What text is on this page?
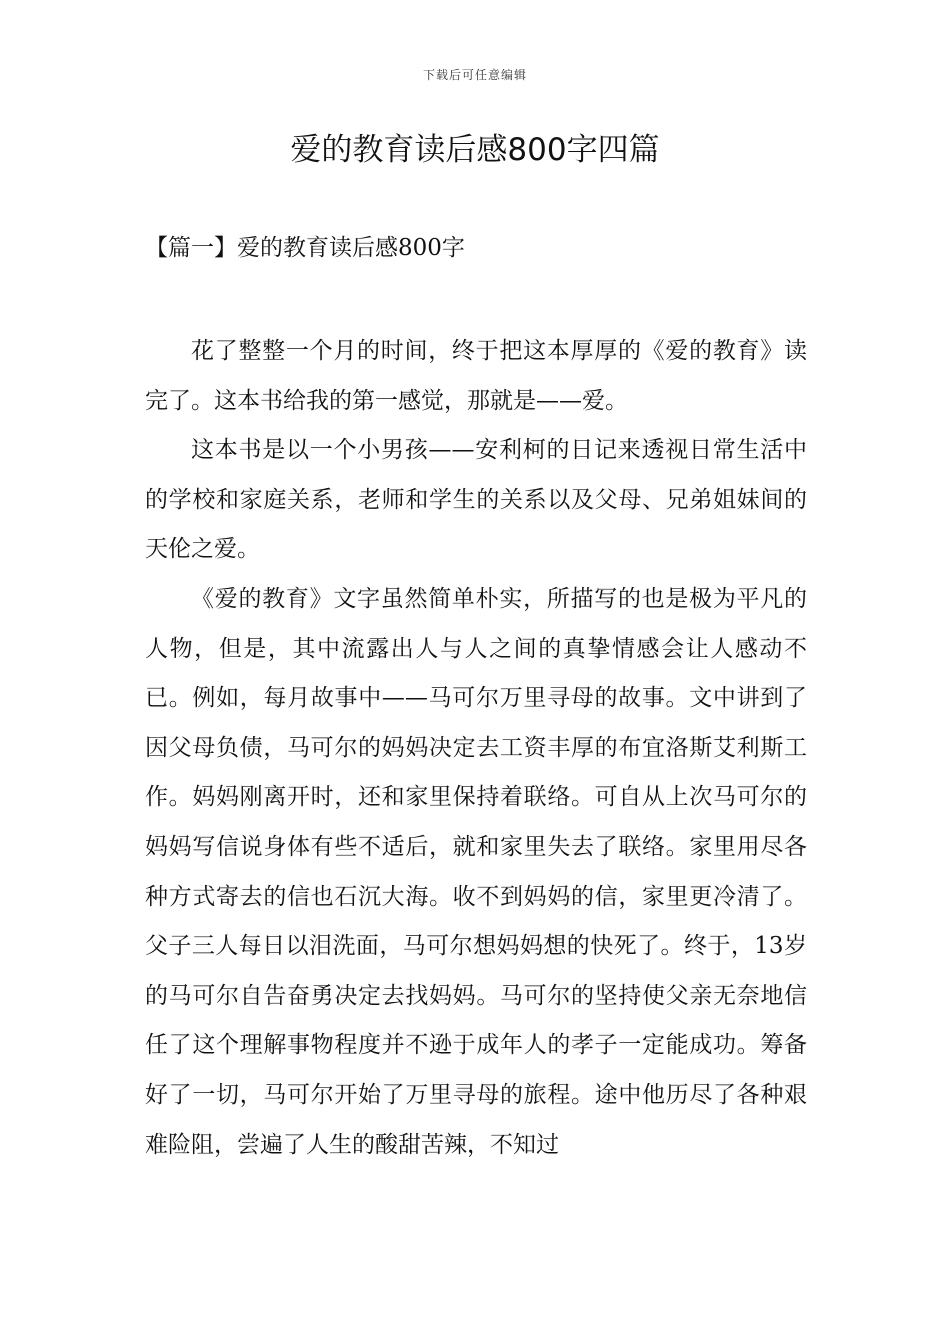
下载后可任意编辑
爱的教育读后感800字四篇
【篇一】爱的教育读后感800字

花了整整一个月的时间，终于把这本厚厚的《爱的教育》读完了。这本书给我的第一感觉，那就是——爱。

这本书是以一个小男孩——安利柯的日记来透视日常生活中的学校和家庭关系，老师和学生的关系以及父母、兄弟姐妹间的天伦之爱。

《爱的教育》文字虽然简单朴实，所描写的也是极为平凡的人物，但是，其中流露出人与人之间的真挚情感会让人感动不已。例如，每月故事中——马可尔万里寻母的故事。文中讲到了因父母负债，马可尔的妈妈决定去工资丰厚的布宜洛斯艾利斯工作。妈妈刚离开时，还和家里保持着联络。可自从上次马可尔的妈妈写信说身体有些不适后，就和家里失去了联络。家里用尽各种方式寄去的信也石沉大海。收不到妈妈的信，家里更冷清了。父子三人每日以泪洗面，马可尔想妈妈想的快死了。终于，13岁的马可尔自告奋勇决定去找妈妈。马可尔的坚持使父亲无奈地信任了这个理解事物程度并不逊于成年人的孝子一定能成功。筹备好了一切，马可尔开始了万里寻母的旅程。途中他历尽了各种艰难险阻，尝遍了人生的酸甜苦辣，不知过
